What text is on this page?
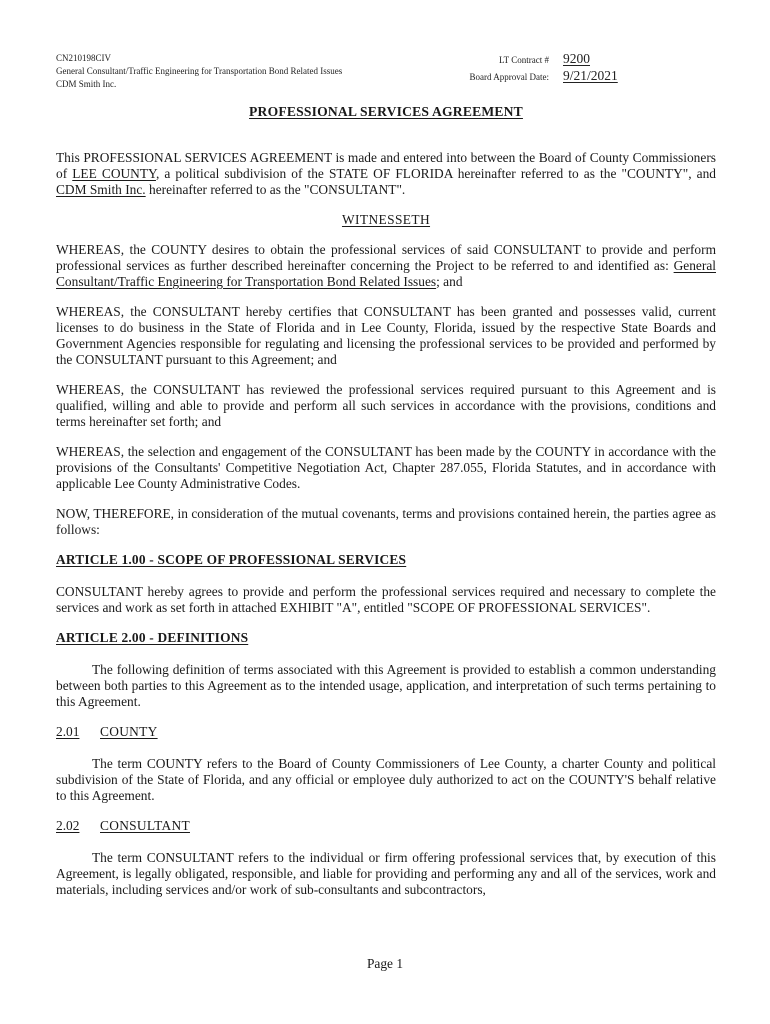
CN210198CIV
General Consultant/Traffic Engineering for Transportation Bond Related Issues
CDM Smith Inc.
LT Contract #	9200
Board Approval Date:	9/21/2021
PROFESSIONAL SERVICES AGREEMENT

This PROFESSIONAL SERVICES AGREEMENT is made and entered into between the Board of County Commissioners of LEE COUNTY, a political subdivision of the STATE OF FLORIDA hereinafter referred to as the "COUNTY", and CDM Smith Inc. hereinafter referred to as the "CONSULTANT".

WITNESSETH

WHEREAS, the COUNTY desires to obtain the professional services of said CONSULTANT to provide and perform professional services as further described hereinafter concerning the Project to be referred to and identified as: General Consultant/Traffic Engineering for Transportation Bond Related Issues; and

WHEREAS, the CONSULTANT hereby certifies that CONSULTANT has been granted and possesses valid, current licenses to do business in the State of Florida and in Lee County, Florida, issued by the respective State Boards and Government Agencies responsible for regulating and licensing the professional services to be provided and performed by the CONSULTANT pursuant to this Agreement; and

WHEREAS, the CONSULTANT has reviewed the professional services required pursuant to this Agreement and is qualified, willing and able to provide and perform all such services in accordance with the provisions, conditions and terms hereinafter set forth; and

WHEREAS, the selection and engagement of the CONSULTANT has been made by the COUNTY in accordance with the provisions of the Consultants' Competitive Negotiation Act, Chapter 287.055, Florida Statutes, and in accordance with applicable Lee County Administrative Codes.

NOW, THEREFORE, in consideration of the mutual covenants, terms and provisions contained herein, the parties agree as follows:

ARTICLE 1.00 - SCOPE OF PROFESSIONAL SERVICES

CONSULTANT hereby agrees to provide and perform the professional services required and necessary to complete the services and work as set forth in attached EXHIBIT "A", entitled "SCOPE OF PROFESSIONAL SERVICES".

ARTICLE 2.00 - DEFINITIONS

The following definition of terms associated with this Agreement is provided to establish a common understanding between both parties to this Agreement as to the intended usage, application, and interpretation of such terms pertaining to this Agreement.

2.01 COUNTY

The term COUNTY refers to the Board of County Commissioners of Lee County, a charter County and political subdivision of the State of Florida, and any official or employee duly authorized to act on the COUNTY'S behalf relative to this Agreement.

2.02 CONSULTANT

The term CONSULTANT refers to the individual or firm offering professional services that, by execution of this Agreement, is legally obligated, responsible, and liable for providing and performing any and all of the services, work and materials, including services and/or work of sub-consultants and subcontractors,

Page 1
